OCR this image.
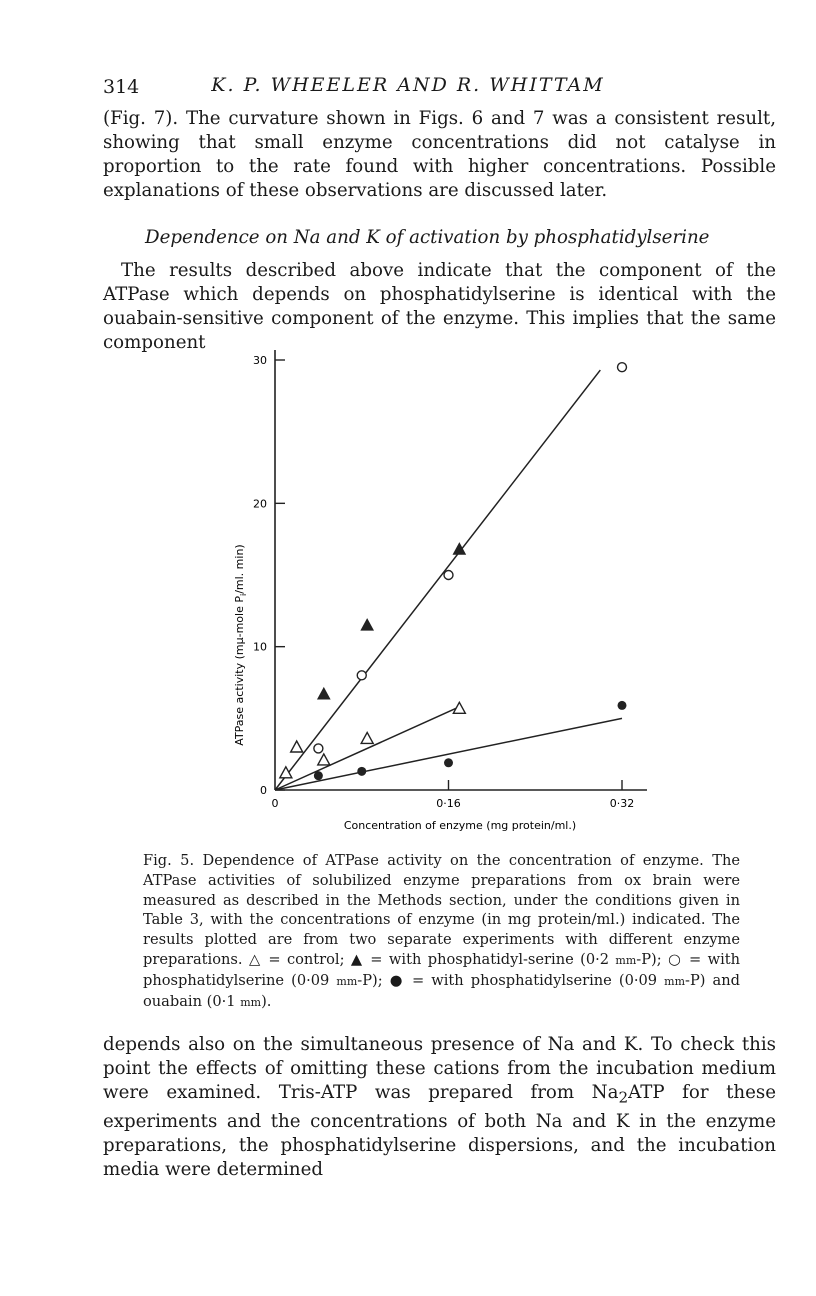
314	K. P. WHEELER AND R. WHITTAM

(Fig. 7). The curvature shown in Figs. 6 and 7 was a consistent result, showing that small enzyme concentrations did not catalyse in proportion to the rate found with higher concentrations. Possible explanations of these observations are discussed later.

Dependence on Na and K of activation by phosphatidylserine

The results described above indicate that the component of the ATPase which depends on phosphatidylserine is identical with the ouabain-sensitive component of the enzyme. This implies that the same component

0
10
20
30
0	0·16	0·32
Concentration of enzyme (mg protein/ml.)
ATPase activity (mμ-mole $P_i/ml$. min)
Fig. 5. Dependence of ATPase activity on the concentration of enzyme. The ATPase activities of solubilized enzyme preparations from ox brain were measured as described in the Methods section, under the conditions given in Table 3, with the concentrations of enzyme (in mg protein/ml.) indicated. The results plotted are from two separate experiments with different enzyme preparations. △ = control; ▲ = with phosphatidyl-serine (0·2 mm-P); ○ = with phosphatidylserine (0·09 mm-P); ● = with phosphatidylserine (0·09 mm-P) and ouabain (0·1 mm).

depends also on the simultaneous presence of Na and K. To check this point the effects of omitting these cations from the incubation medium were examined. Tris-ATP was prepared from $Na_2ATP$ for these experiments and the concentrations of both Na and K in the enzyme preparations, the phosphatidylserine dispersions, and the incubation media were determined
